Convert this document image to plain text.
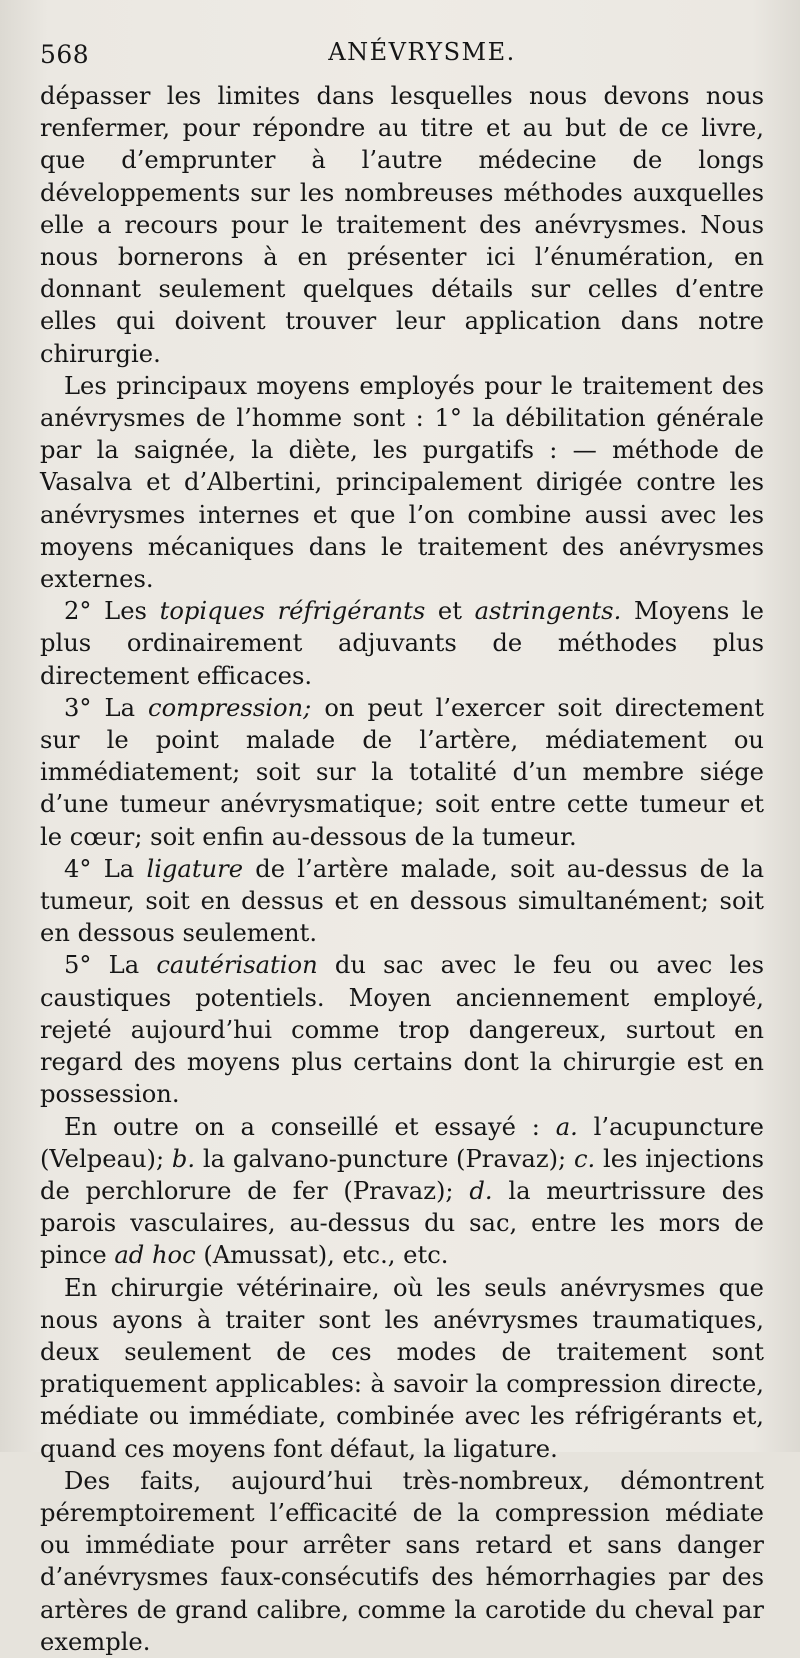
568	ANÉVRYSME.

dépasser les limites dans lesquelles nous devons nous renfermer, pour répondre au titre et au but de ce livre, que d’emprunter à l’autre médecine de longs développements sur les nombreuses méthodes auxquelles elle a recours pour le traitement des anévrysmes. Nous nous bornerons à en présenter ici l’énumération, en donnant seulement quelques détails sur celles d’entre elles qui doivent trouver leur application dans notre chirurgie.

Les principaux moyens employés pour le traitement des anévrysmes de l’homme sont : 1° la débilitation générale par la saignée, la diète, les purgatifs : — méthode de Vasalva et d’Albertini, principalement dirigée contre les anévrysmes internes et que l’on combine aussi avec les moyens mécaniques dans le traitement des anévrysmes externes.

2° Les topiques réfrigérants et astringents. Moyens le plus ordinairement adjuvants de méthodes plus directement efficaces.

3° La compression; on peut l’exercer soit directement sur le point malade de l’artère, médiatement ou immédiatement; soit sur la totalité d’un membre siége d’une tumeur anévrysmatique; soit entre cette tumeur et le cœur; soit enfin au-dessous de la tumeur.

4° La ligature de l’artère malade, soit au-dessus de la tumeur, soit en dessus et en dessous simultanément; soit en dessous seulement.

5° La cautérisation du sac avec le feu ou avec les caustiques potentiels. Moyen anciennement employé, rejeté aujourd’hui comme trop dangereux, surtout en regard des moyens plus certains dont la chirurgie est en possession.

En outre on a conseillé et essayé : a. l’acupuncture (Velpeau); b. la galvano-puncture (Pravaz); c. les injections de perchlorure de fer (Pravaz); d. la meurtrissure des parois vasculaires, au-dessus du sac, entre les mors de pince ad hoc (Amussat), etc., etc.

En chirurgie vétérinaire, où les seuls anévrysmes que nous ayons à traiter sont les anévrysmes traumatiques, deux seulement de ces modes de traitement sont pratiquement applicables: à savoir la compression directe, médiate ou immédiate, combinée avec les réfrigérants et, quand ces moyens font défaut, la ligature.

Des faits, aujourd’hui très-nombreux, démontrent péremptoirement l’efficacité de la compression médiate ou immédiate pour arrêter sans retard et sans danger d’anévrysmes faux-consécutifs des hémorrhagies par des artères de grand calibre, comme la carotide du cheval par exemple.
